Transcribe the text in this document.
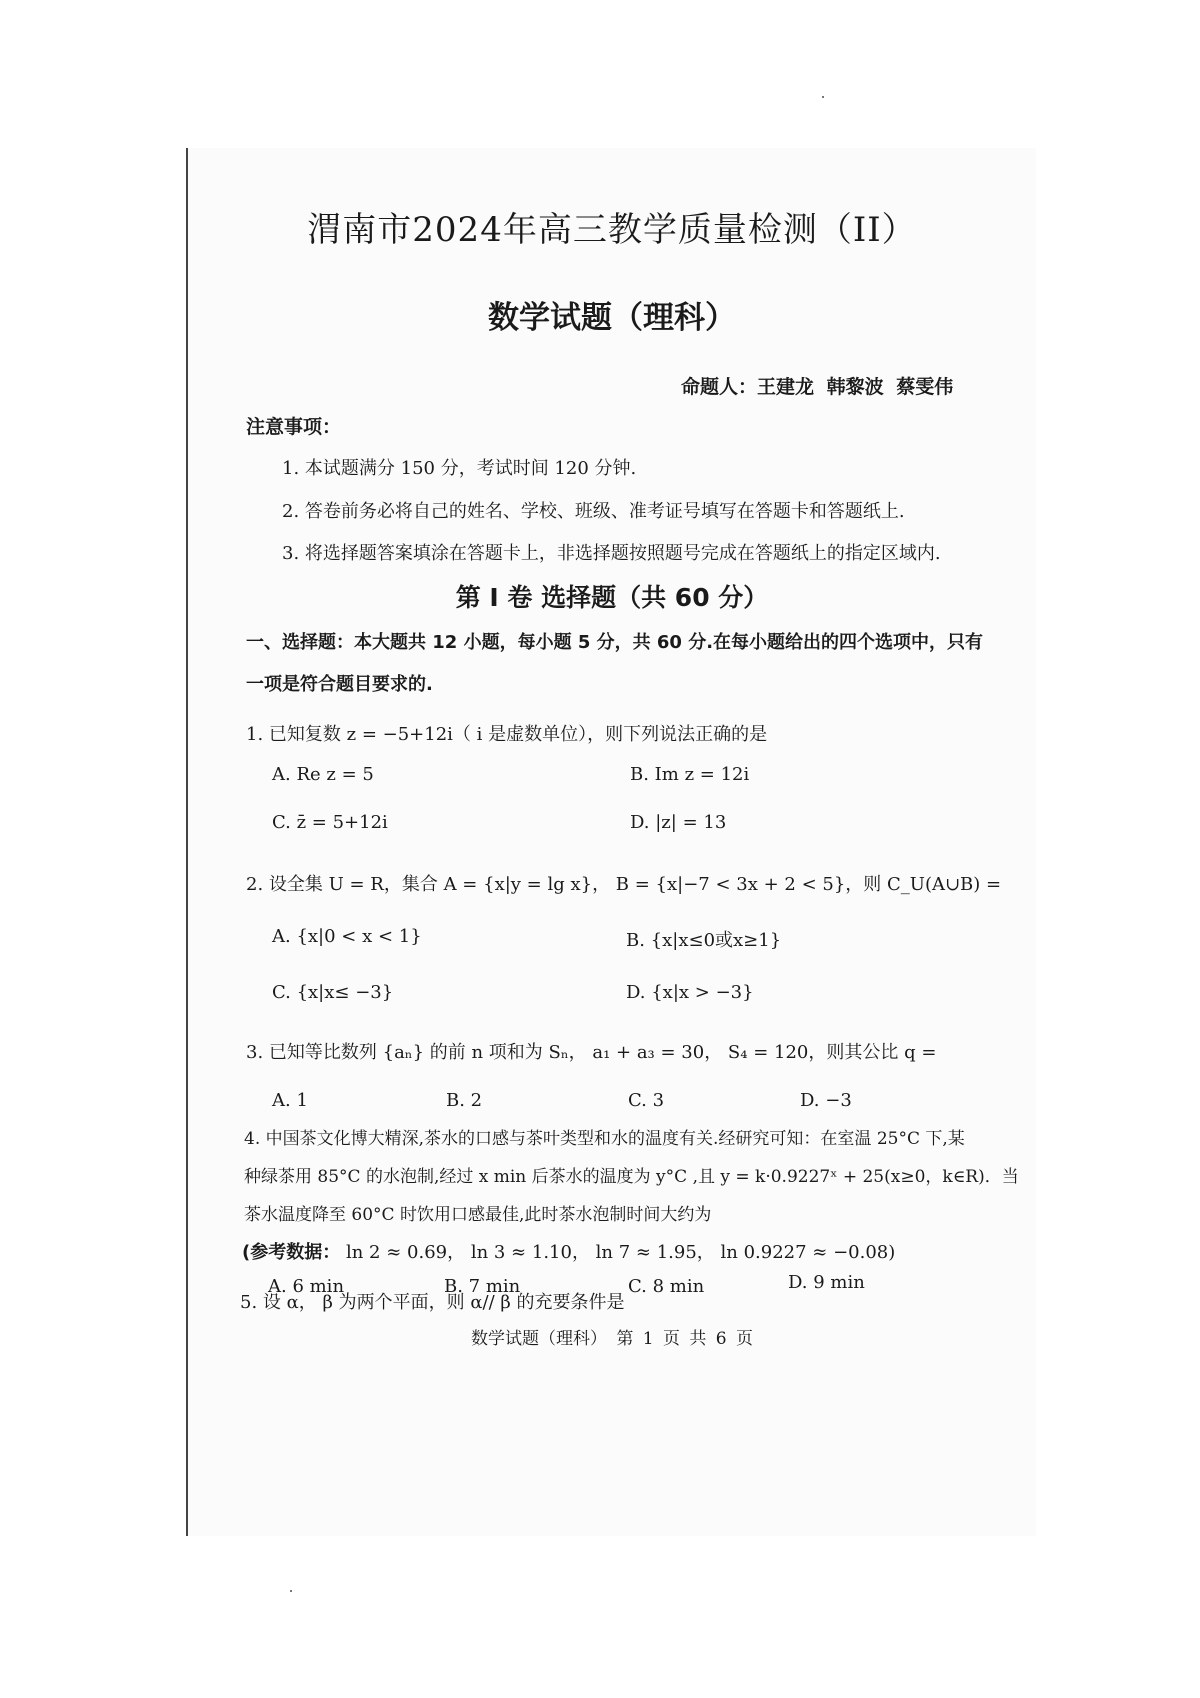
渭南市2024年高三教学质量检测（II）
数学试题（理科）
命题人：王建龙 韩黎波 蔡雯伟
注意事项：
1. 本试题满分 150 分，考试时间 120 分钟.
2. 答卷前务必将自己的姓名、学校、班级、准考证号填写在答题卡和答题纸上.
3. 将选择题答案填涂在答题卡上，非选择题按照题号完成在答题纸上的指定区域内.
第 I 卷 选择题（共 60 分）
一、选择题：本大题共 12 小题，每小题 5 分，共 60 分.在每小题给出的四个选项中，只有
一项是符合题目要求的.
1. 已知复数 z = −5+12i（ i 是虚数单位），则下列说法正确的是
A. Re z = 5	B. Im z = 12i
C. z̄ = 5+12i	D. |z| = 13
2. 设全集 U = R，集合 A = {x|y = lg x}， B = {x|−7 < 3x + 2 < 5}，则 C_U(A∪B) =
A. {x|0 < x < 1}	B. {x|x≤0或x≥1}
C. {x|x≤ −3}	D. {x|x > −3}
3. 已知等比数列 {aₙ} 的前 n 项和为 Sₙ， a₁ + a₃ = 30， S₄ = 120，则其公比 q =
A. 1	B. 2	C. 3	D. −3
4. 中国茶文化博大精深,茶水的口感与茶叶类型和水的温度有关.经研究可知：在室温 25°C 下,某
种绿茶用 85°C 的水泡制,经过 x min 后茶水的温度为 y°C ,且 y = k·0.9227ˣ + 25(x≥0，k∈R)．当
茶水温度降至 60°C 时饮用口感最佳,此时茶水泡制时间大约为
(参考数据： ln 2 ≈ 0.69， ln 3 ≈ 1.10， ln 7 ≈ 1.95， ln 0.9227 ≈ −0.08)
A. 6 min	B. 7 min	C. 8 min	D. 9 min
5. 设 α， β 为两个平面，则 α// β 的充要条件是
数学试题（理科） 第 1 页 共 6 页
